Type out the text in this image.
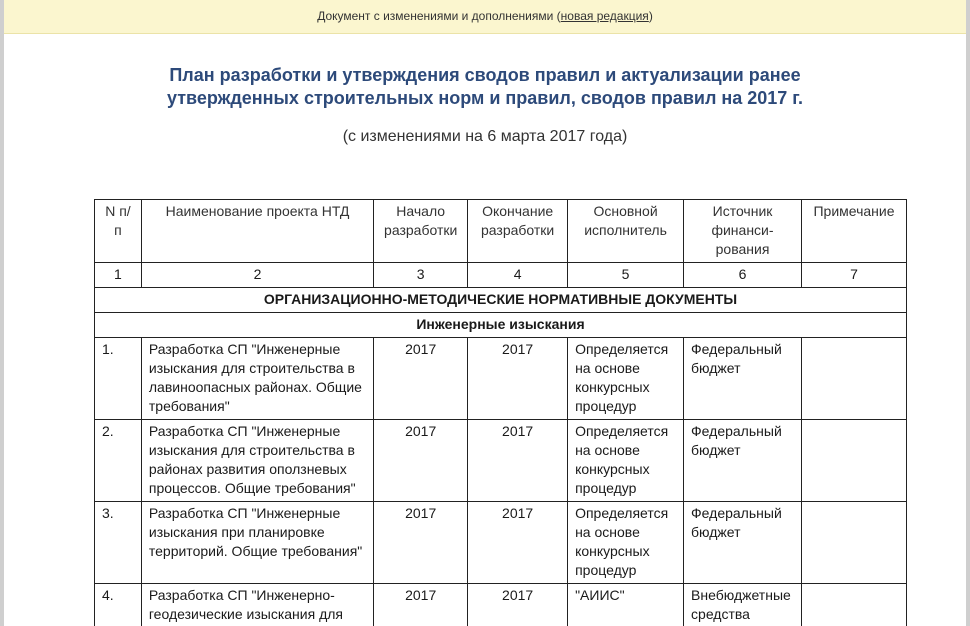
Документ с изменениями и дополнениями (новая редакция)
План разработки и утверждения сводов правил и актуализации ранее
утвержденных строительных норм и правил, сводов правил на 2017 г.
(с изменениями на 6 марта 2017 года)
N п/п	Наименование проекта НТД	Начало разработки	Окончание разработки	Основной исполнитель	Источник финанси-рования	Примечание
1	2	3	4	5	6	7
ОРГАНИЗАЦИОННО-МЕТОДИЧЕСКИЕ НОРМАТИВНЫЕ ДОКУМЕНТЫ						
Инженерные изыскания						
1.	Разработка СП "Инженерные изыскания для строительства в лавиноопасных районах. Общие требования"	2017	2017	Определяется на основе конкурсных процедур	Федеральный бюджет	
2.	Разработка СП "Инженерные изыскания для строительства в районах развития оползневых процессов. Общие требования"	2017	2017	Определяется на основе конкурсных процедур	Федеральный бюджет	
3.	Разработка СП "Инженерные изыскания при планировке территорий. Общие требования"	2017	2017	Определяется на основе конкурсных процедур	Федеральный бюджет	
4.	Разработка СП "Инженерно-геодезические изыскания для	2017	2017	"АИИС"	Внебюджетные средства	
